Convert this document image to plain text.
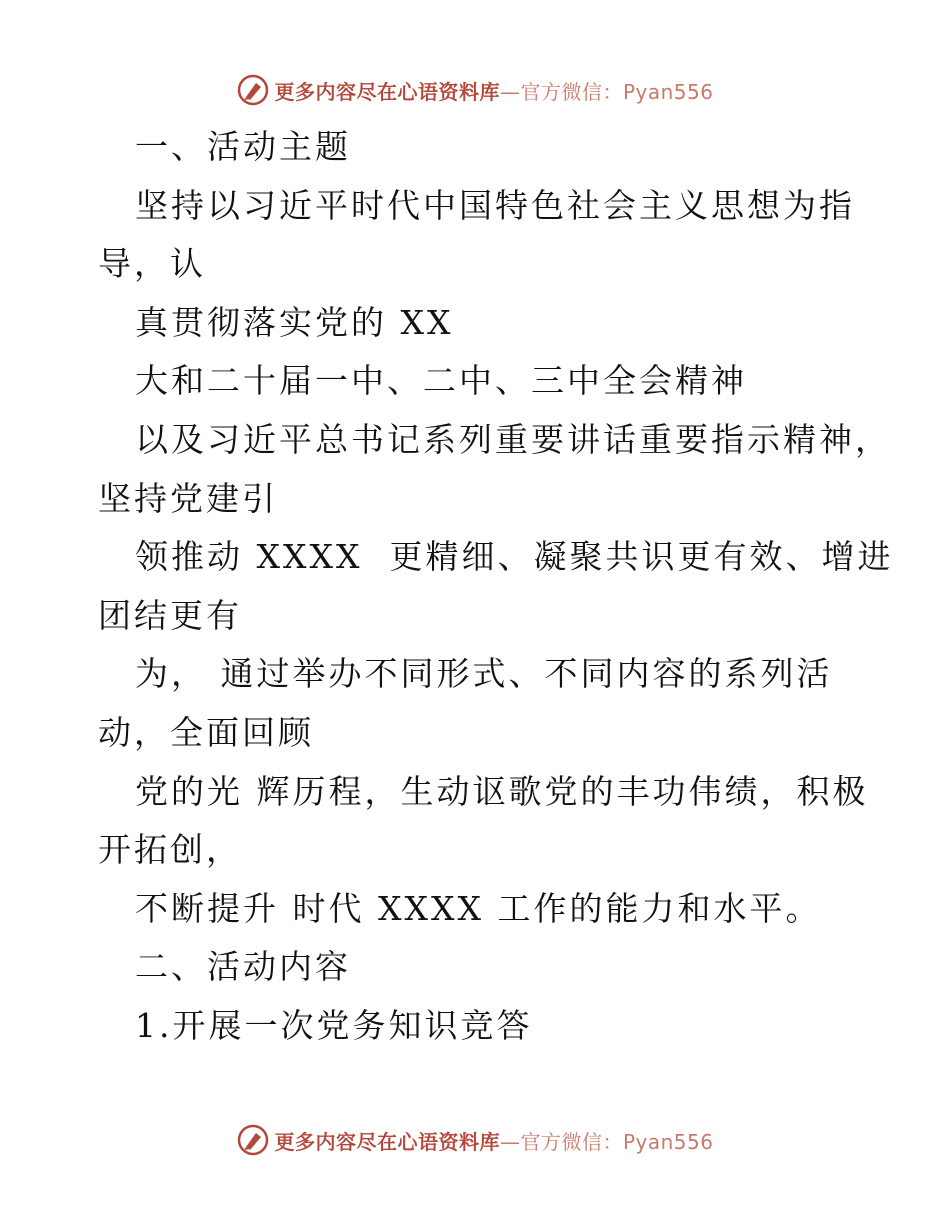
更多内容尽在心语资料库—官方微信：Pyan556
一、活动主题
坚持以习近平时代中国特色社会主义思想为指
导，认
真贯彻落实党的 XX
大和二十届一中、二中、三中全会精神
以及习近平总书记系列重要讲话重要指示精神，
坚持党建引
领推动 XXXX  更精细、凝聚共识更有效、增进
团结更有
为， 通过举办不同形式、不同内容的系列活
动，全面回顾
党的光 辉历程，生动讴歌党的丰功伟绩，积极
开拓创，
不断提升 时代 XXXX 工作的能力和水平。
二、活动内容
1.开展一次党务知识竞答
更多内容尽在心语资料库—官方微信：Pyan556
